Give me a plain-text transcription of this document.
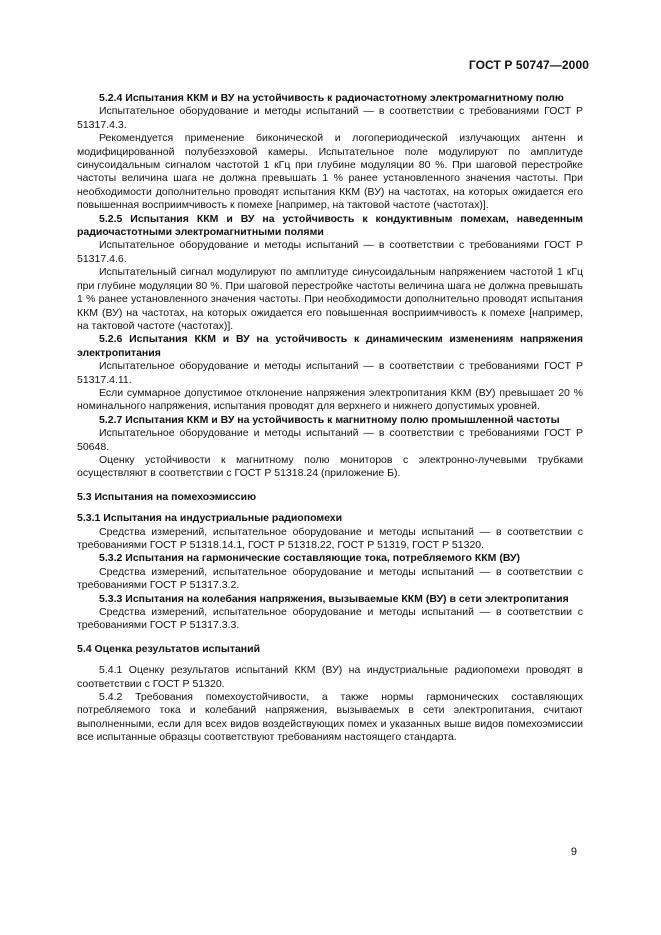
ГОСТ Р 50747—2000

5.2.4 Испытания ККМ и ВУ на устойчивость к радиочастотному электромагнитному полю

Испытательное оборудование и методы испытаний — в соответствии с требованиями ГОСТ Р 51317.4.3.

Рекомендуется применение биконической и логопериодической излучающих антенн и модифицированной полубезэховой камеры. Испытательное поле модулируют по амплитуде синусоидальным сигналом частотой 1 кГц при глубине модуляции 80 %. При шаговой перестройке частоты величина шага не должна превышать 1 % ранее установленного значения частоты. При необходимости дополнительно проводят испытания ККМ (ВУ) на частотах, на которых ожидается его повышенная восприимчивость к помехе [например, на тактовой частоте (частотах)].

5.2.5 Испытания ККМ и ВУ на устойчивость к кондуктивным помехам, наведенным радиочастотными электромагнитными полями

Испытательное оборудование и методы испытаний — в соответствии с требованиями ГОСТ Р 51317.4.6.

Испытательный сигнал модулируют по амплитуде синусоидальным напряжением частотой 1 кГц при глубине модуляции 80 %. При шаговой перестройке частоты величина шага не должна превышать 1 % ранее установленного значения частоты. При необходимости дополнительно проводят испытания ККМ (ВУ) на частотах, на которых ожидается его повышенная восприимчивость к помехе [например, на тактовой частоте (частотах)].

5.2.6 Испытания ККМ и ВУ на устойчивость к динамическим изменениям напряжения электропитания

Испытательное оборудование и методы испытаний — в соответствии с требованиями ГОСТ Р 51317.4.11.

Если суммарное допустимое отклонение напряжения электропитания ККМ (ВУ) превышает 20 % номинального напряжения, испытания проводят для верхнего и нижнего допустимых уровней.

5.2.7 Испытания ККМ и ВУ на устойчивость к магнитному полю промышленной частоты

Испытательное оборудование и методы испытаний — в соответствии с требованиями ГОСТ Р 50648.

Оценку устойчивости к магнитному полю мониторов с электронно-лучевыми трубками осуществляют в соответствии с ГОСТ Р 51318.24 (приложение Б).

5.3 Испытания на помехоэмиссию

5.3.1 Испытания на индустриальные радиопомехи

Средства измерений, испытательное оборудование и методы испытаний — в соответствии с требованиями ГОСТ Р 51318.14.1, ГОСТ Р 51318.22, ГОСТ Р 51319, ГОСТ Р 51320.

5.3.2 Испытания на гармонические составляющие тока, потребляемого ККМ (ВУ)

Средства измерений, испытательное оборудование и методы испытаний — в соответствии с требованиями ГОСТ Р 51317.3.2.

5.3.3 Испытания на колебания напряжения, вызываемые ККМ (ВУ) в сети электропитания

Средства измерений, испытательное оборудование и методы испытаний — в соответствии с требованиями ГОСТ Р 51317.3.3.

5.4 Оценка результатов испытаний

5.4.1 Оценку результатов испытаний ККМ (ВУ) на индустриальные радиопомехи проводят в соответствии с ГОСТ Р 51320.

5.4.2 Требования помехоустойчивости, а также нормы гармонических составляющих потребляемого тока и колебаний напряжения, вызываемых в сети электропитания, считают выполненными, если для всех видов воздействующих помех и указанных выше видов помехоэмиссии все испытанные образцы соответствуют требованиям настоящего стандарта.

9
